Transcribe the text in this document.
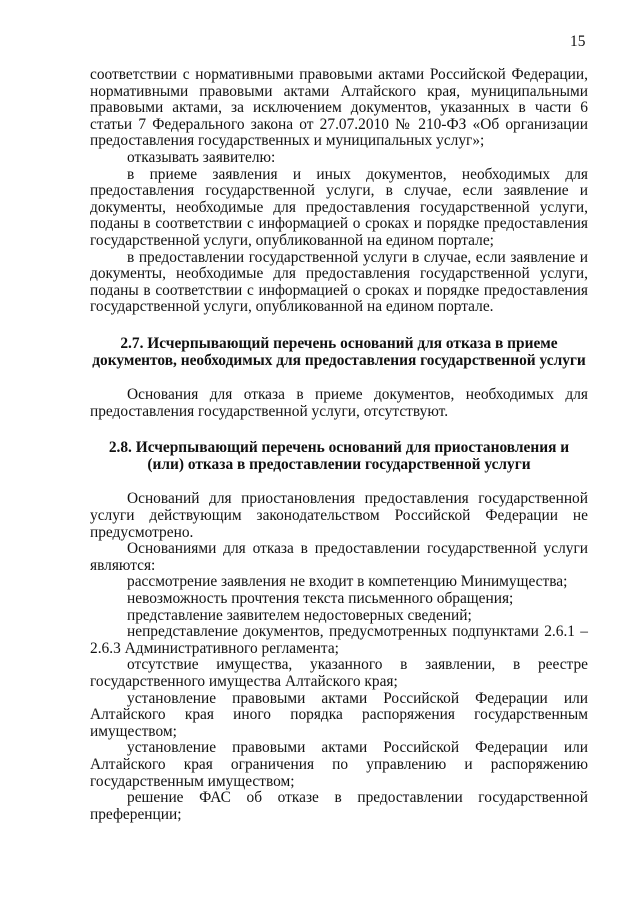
15

соответствии с нормативными правовыми актами Российской Федерации, нормативными правовыми актами Алтайского края, муниципальными правовыми актами, за исключением документов, указанных в части 6 статьи 7 Федерального закона от 27.07.2010 № 210-ФЗ «Об организации предоставления государственных и муниципальных услуг»;

отказывать заявителю:

в приеме заявления и иных документов, необходимых для предоставления государственной услуги, в случае, если заявление и документы, необходимые для предоставления государственной услуги, поданы в соответствии с информацией о сроках и порядке предоставления государственной услуги, опубликованной на едином портале;

в предоставлении государственной услуги в случае, если заявление и документы, необходимые для предоставления государственной услуги, поданы в соответствии с информацией о сроках и порядке предоставления государственной услуги, опубликованной на едином портале.

2.7. Исчерпывающий перечень оснований для отказа в приеме документов, необходимых для предоставления государственной услуги

Основания для отказа в приеме документов, необходимых для предоставления государственной услуги, отсутствуют.

2.8. Исчерпывающий перечень оснований для приостановления и (или) отказа в предоставлении государственной услуги

Оснований для приостановления предоставления государственной услуги действующим законодательством Российской Федерации не предусмотрено.

Основаниями для отказа в предоставлении государственной услуги являются:

рассмотрение заявления не входит в компетенцию Минимущества;

невозможность прочтения текста письменного обращения;

представление заявителем недостоверных сведений;

непредставление документов, предусмотренных подпунктами 2.6.1 – 2.6.3 Административного регламента;

отсутствие имущества, указанного в заявлении, в реестре государственного имущества Алтайского края;

установление правовыми актами Российской Федерации или Алтайского края иного порядка распоряжения государственным имуществом;

установление правовыми актами Российской Федерации или Алтайского края ограничения по управлению и распоряжению государственным имуществом;

решение ФАС об отказе в предоставлении государственной преференции;
